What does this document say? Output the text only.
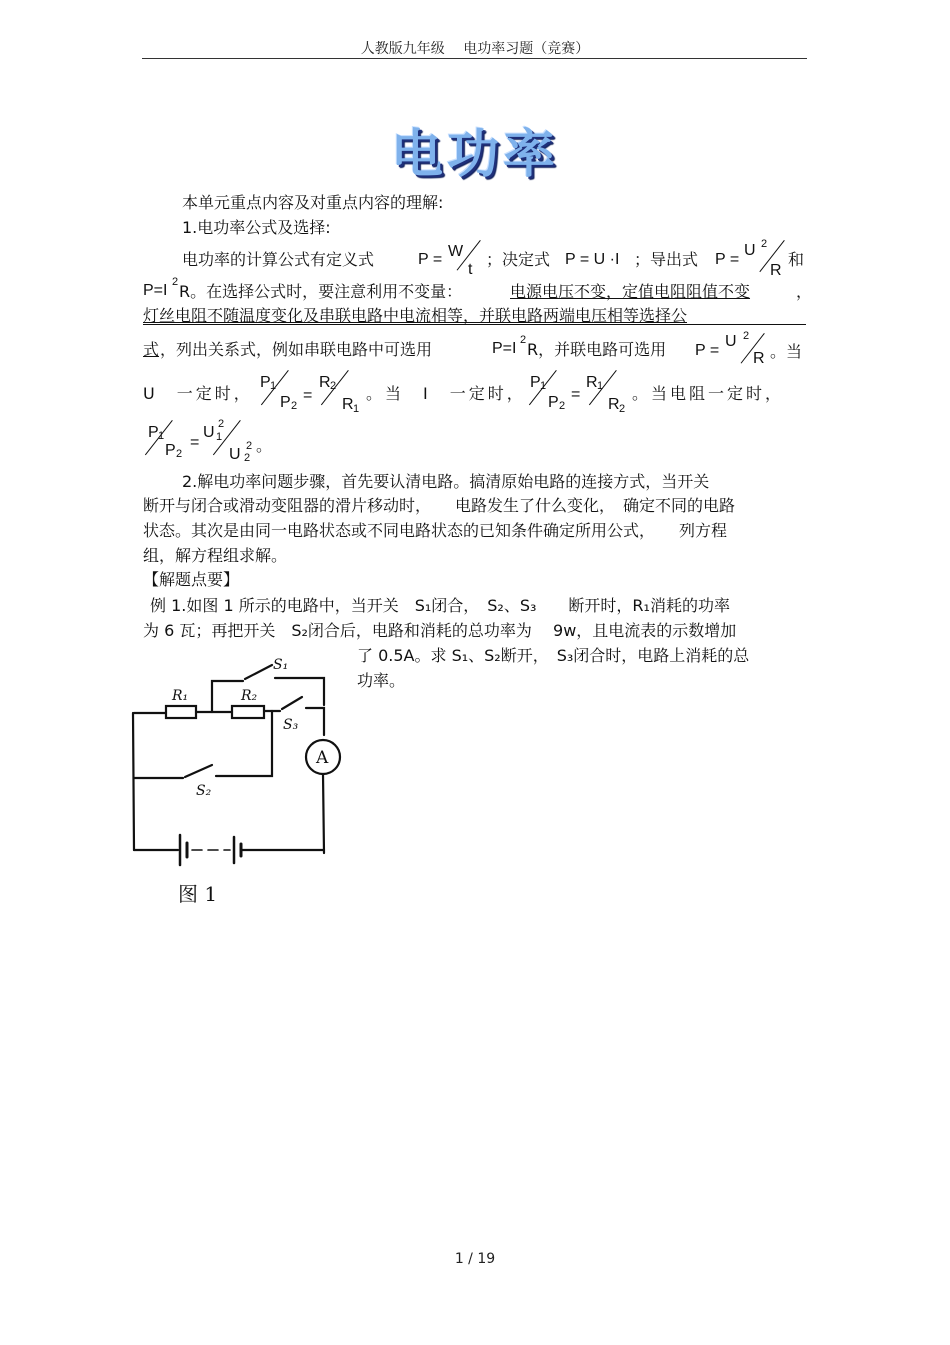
人教版九年级　 电功率习题（竞赛）
电功率
本单元重点内容及对重点内容的理解:
1.电功率公式及选择:
电功率的计算公式有定义式	P = W
t
；决定式 P = U ·I ；导出式 P =
U 2
R
和
P=I 2 R。在选择公式时，要注意利用不变量：	电源电压不变，定值电阻阻值不变	，
灯丝电阻不随温度变化及串联电路中电流相等，并联电路两端电压相等选择公
式 ，列出关系式，例如串联电路中可选用	P=I 2 R，并联电路可选用 P =
U 2
R 。当
U　一定时，
P 1
P 2
=
R 2
R 1
。当　I　一定时，
P 1
P 2
=
R 1
R 2
。当电阻一定时，
P 1
P 2
=
U 2
1
U 2
2
。
2.解电功率问题步骤，首先要认清电路。搞清原始电路的连接方式，当开关
断开与闭合或滑动变阻器的滑片移动时，　　电路发生了什么变化，　确定不同的电路
状态。其次是由同一电路状态或不同电路状态的已知条件确定所用公式，　　列方程
组，解方程组求解。
【解题点要】
例 1.如图 1 所示的电路中，当开关　S₁闭合，　S₂、S₃　　断开时，R₁消耗的功率
为 6 瓦；再把开关　S₂闭合后，电路和消耗的总功率为　 9w，且电流表的示数增加
了 0.5A。求 S₁、S₂断开，　S₃闭合时，电路上消耗的总
功率。
S₁
R₁	R₂
S₃
S₂
A
图 1
1 / 19
